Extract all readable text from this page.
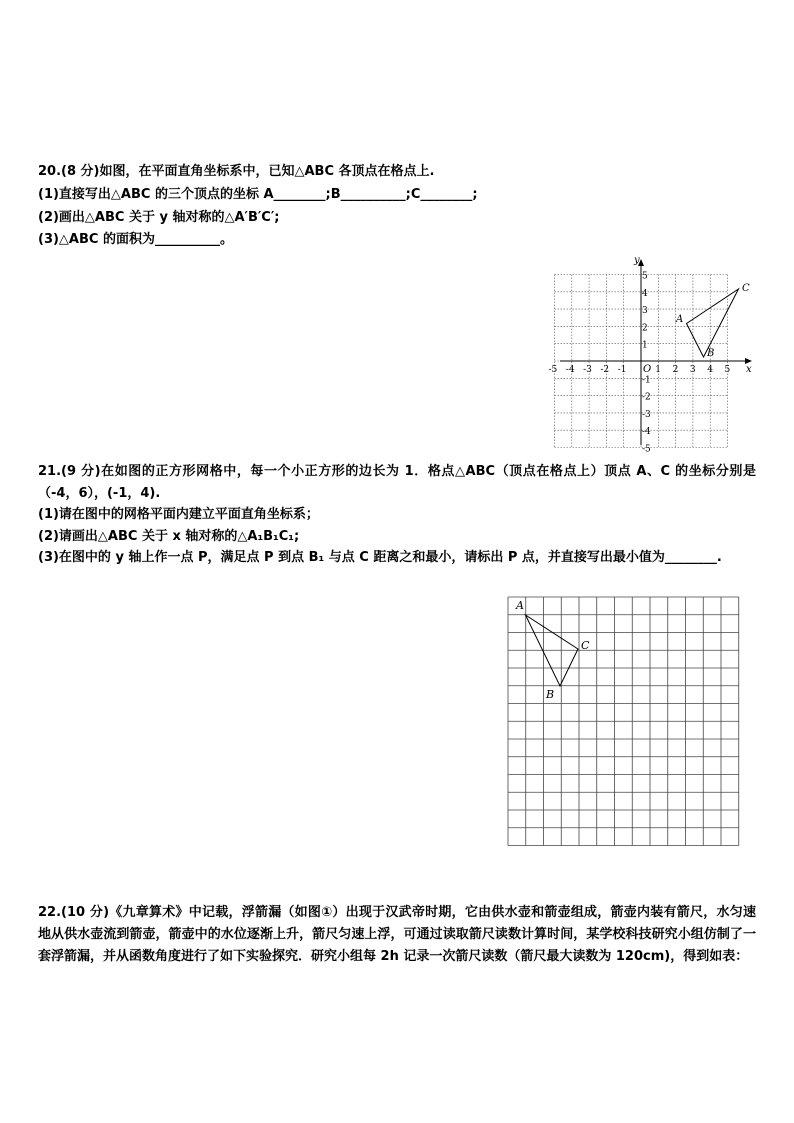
20.(8 分)如图，在平面直角坐标系中，已知△ABC 各顶点在格点上.
(1)直接写出△ABC 的三个顶点的坐标 A________;B__________;C________;
(2)画出△ABC 关于 y 轴对称的△A′B′C′;
(3)△ABC 的面积为__________。
x
y
O
-5 -4 -3 -2 -1	1 2 3 4 5
5
4
3
2
1
-1
-2
-3
-4
-5
A
B
C
21.(9 分)在如图的正方形网格中，每一个小正方形的边长为 1．格点△ABC（顶点在格点上）顶点 A、C 的坐标分别是（-4，6），(-1，4).
(1)请在图中的网格平面内建立平面直角坐标系；
(2)请画出△ABC 关于 x 轴对称的△A₁B₁C₁;
(3)在图中的 y 轴上作一点 P，满足点 P 到点 B₁ 与点 C 距离之和最小，请标出 P 点，并直接写出最小值为________.
A
C
B
22.(10 分)《九章算术》中记载，浮箭漏（如图①）出现于汉武帝时期，它由供水壶和箭壶组成，箭壶内装有箭尺，水匀速地从供水壶流到箭壶，箭壶中的水位逐渐上升，箭尺匀速上浮，可通过读取箭尺读数计算时间，某学校科技研究小组仿制了一套浮箭漏，并从函数角度进行了如下实验探究．研究小组每 2h 记录一次箭尺读数（箭尺最大读数为 120cm)，得到如表：
